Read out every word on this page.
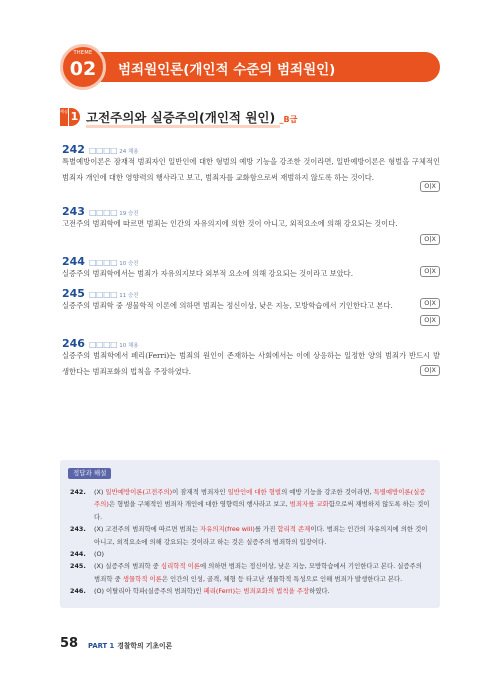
범죄원인론(개인적 수준의 범죄원인)
THEME
02
핵심 1 고전주의와 실증주의(개인적 원인) _B급
242 □□□□ 24 채용
특별예방이론은 잠재적 범죄자인 일반인에 대한 형벌의 예방 기능을 강조한 것이라면, 일반예방이론은 형벌을 구체적인 범죄자 개인에 대한 영향력의 행사라고 보고, 범죄자를 교화함으로써 재범하지 않도록 하는 것이다.
O|X
243 □□□□ 19 승진
고전주의 범죄학에 따르면 범죄는 인간의 자유의지에 의한 것이 아니고, 외적요소에 의해 강요되는 것이다.
O|X
244 □□□□ 10 승진
실증주의 범죄학에서는 범죄가 자유의지보다 외부적 요소에 의해 강요되는 것이라고 보았다.	O|X
245 □□□□ 11 승진
실증주의 범죄학 중 생물학적 이론에 의하면 범죄는 정신이상, 낮은 지능, 모방학습에서 기인한다고 본다.	O|X
O|X
246 □□□□ 10 채용
실증주의 범죄학에서 페리(Ferri)는 범죄의 원인이 존재하는 사회에서는 이에 상응하는 일정한 양의 범죄가 반드시 발생한다는 범죄포화의 법칙을 주장하였다.	O|X
정답과 해설
242. (X) 일반예방이론(고전주의)이 잠재적 범죄자인 일반인에 대한 형벌의 예방 기능을 강조한 것이라면, 특별예방이론(실증주의)은 형벌을 구체적인 범죄자 개인에 대한 영향력의 행사라고 보고, 범죄자를 교화함으로써 재범하지 않도록 하는 것이다.
243. (X) 고전주의 범죄학에 따르면 범죄는 자유의지(free will)를 가진 합리적 존재이다. 범죄는 인간의 자유의지에 의한 것이 아니고, 외적요소에 의해 강요되는 것이라고 하는 것은 실증주의 범죄학의 입장이다.
244. (O)
245. (X) 실증주의 범죄학 중 심리학적 이론에 의하면 범죄는 정신이상, 낮은 지능, 모방학습에서 기인한다고 본다. 실증주의 범죄학 중 생물학적 이론은 인간의 인성, 골격, 체형 등 타고난 생물학적 특성으로 인해 범죄가 발생한다고 본다.
246. (O) 이탈리아 학파(실증주의 범죄학)인 페리(Ferri)는 범죄포화의 법칙을 주장하였다.
58 PART 1 경찰학의 기초이론
